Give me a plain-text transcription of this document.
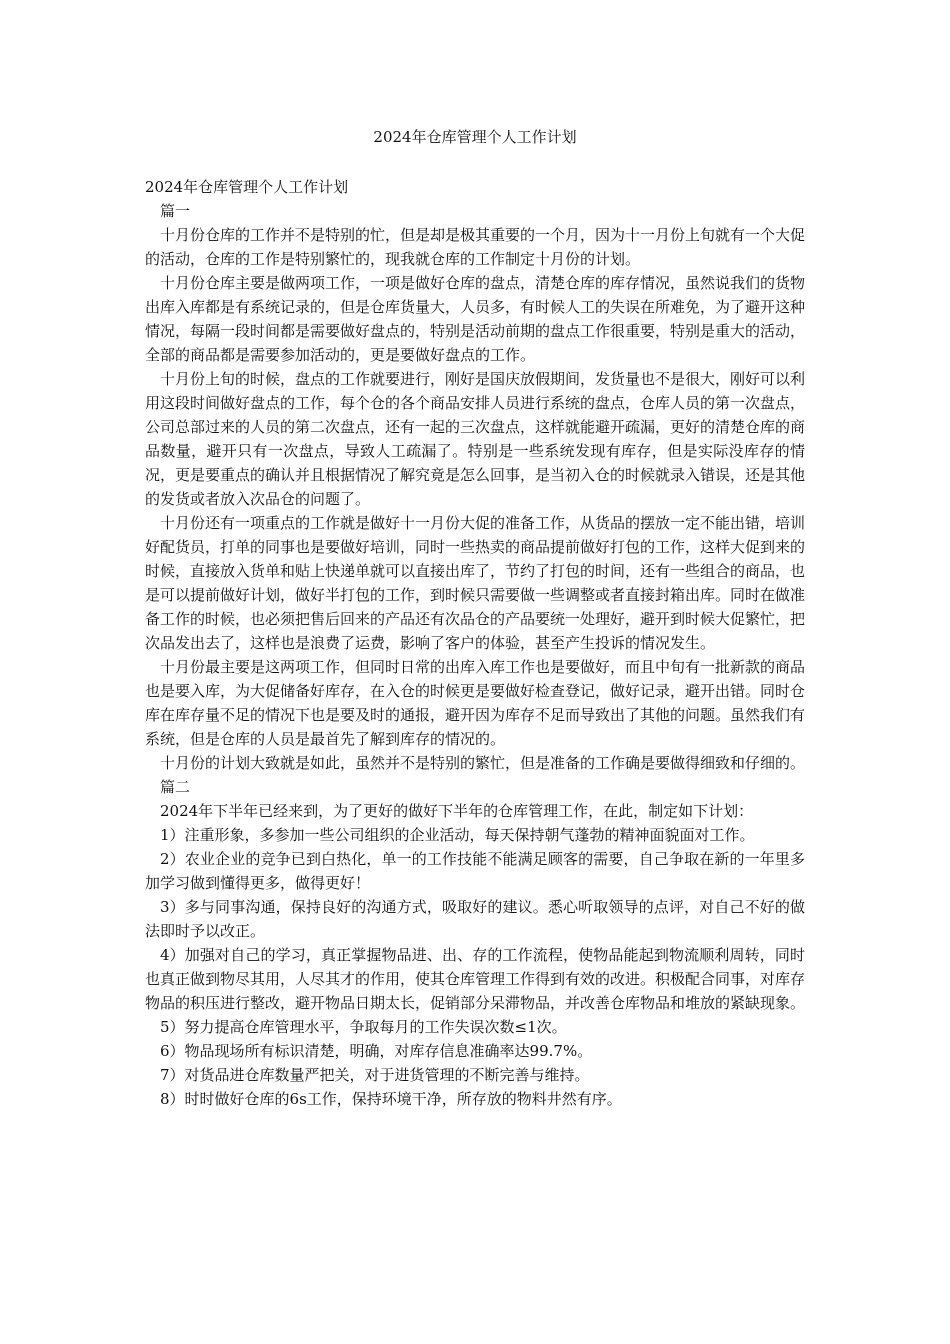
2024年仓库管理个人工作计划

2024年仓库管理个人工作计划

篇一

十月份仓库的工作并不是特别的忙，但是却是极其重要的一个月，因为十一月份上旬就有一个大促的活动，仓库的工作是特别繁忙的，现我就仓库的工作制定十月份的计划。

十月份仓库主要是做两项工作，一项是做好仓库的盘点，清楚仓库的库存情况，虽然说我们的货物出库入库都是有系统记录的，但是仓库货量大，人员多，有时候人工的失误在所难免，为了避开这种情况，每隔一段时间都是需要做好盘点的，特别是活动前期的盘点工作很重要，特别是重大的活动，全部的商品都是需要参加活动的，更是要做好盘点的工作。

十月份上旬的时候，盘点的工作就要进行，刚好是国庆放假期间，发货量也不是很大，刚好可以利用这段时间做好盘点的工作，每个仓的各个商品安排人员进行系统的盘点，仓库人员的第一次盘点，公司总部过来的人员的第二次盘点，还有一起的三次盘点，这样就能避开疏漏，更好的清楚仓库的商品数量，避开只有一次盘点，导致人工疏漏了。特别是一些系统发现有库存，但是实际没库存的情况，更是要重点的确认并且根据情况了解究竟是怎么回事，是当初入仓的时候就录入错误，还是其他的发货或者放入次品仓的问题了。

十月份还有一项重点的工作就是做好十一月份大促的准备工作，从货品的摆放一定不能出错，培训好配货员，打单的同事也是要做好培训，同时一些热卖的商品提前做好打包的工作，这样大促到来的时候，直接放入货单和贴上快递单就可以直接出库了，节约了打包的时间，还有一些组合的商品，也是可以提前做好计划，做好半打包的工作，到时候只需要做一些调整或者直接封箱出库。同时在做准备工作的时候，也必须把售后回来的产品还有次品仓的产品要统一处理好，避开到时候大促繁忙，把次品发出去了，这样也是浪费了运费，影响了客户的体验，甚至产生投诉的情况发生。

十月份最主要是这两项工作，但同时日常的出库入库工作也是要做好，而且中旬有一批新款的商品也是要入库，为大促储备好库存，在入仓的时候更是要做好检查登记，做好记录，避开出错。同时仓库在库存量不足的情况下也是要及时的通报，避开因为库存不足而导致出了其他的问题。虽然我们有系统，但是仓库的人员是最首先了解到库存的情况的。

十月份的计划大致就是如此，虽然并不是特别的繁忙，但是准备的工作确是要做得细致和仔细的。

篇二

2024年下半年已经来到，为了更好的做好下半年的仓库管理工作，在此，制定如下计划：

1）注重形象，多参加一些公司组织的企业活动，每天保持朝气蓬勃的精神面貌面对工作。

2）农业企业的竞争已到白热化，单一的工作技能不能满足顾客的需要，自己争取在新的一年里多加学习做到懂得更多，做得更好！

3）多与同事沟通，保持良好的沟通方式，吸取好的建议。悉心听取领导的点评，对自己不好的做法即时予以改正。

4）加强对自己的学习，真正掌握物品进、出、存的工作流程，使物品能起到物流顺利周转，同时也真正做到物尽其用，人尽其才的作用，使其仓库管理工作得到有效的改进。积极配合同事，对库存物品的积压进行整改，避开物品日期太长，促销部分呆滞物品，并改善仓库物品和堆放的紧缺现象。

5）努力提高仓库管理水平，争取每月的工作失误次数≤1次。

6）物品现场所有标识清楚，明确，对库存信息准确率达99.7%。

7）对货品进仓库数量严把关，对于进货管理的不断完善与维持。

8）时时做好仓库的6s工作，保持环境干净，所存放的物料井然有序。
